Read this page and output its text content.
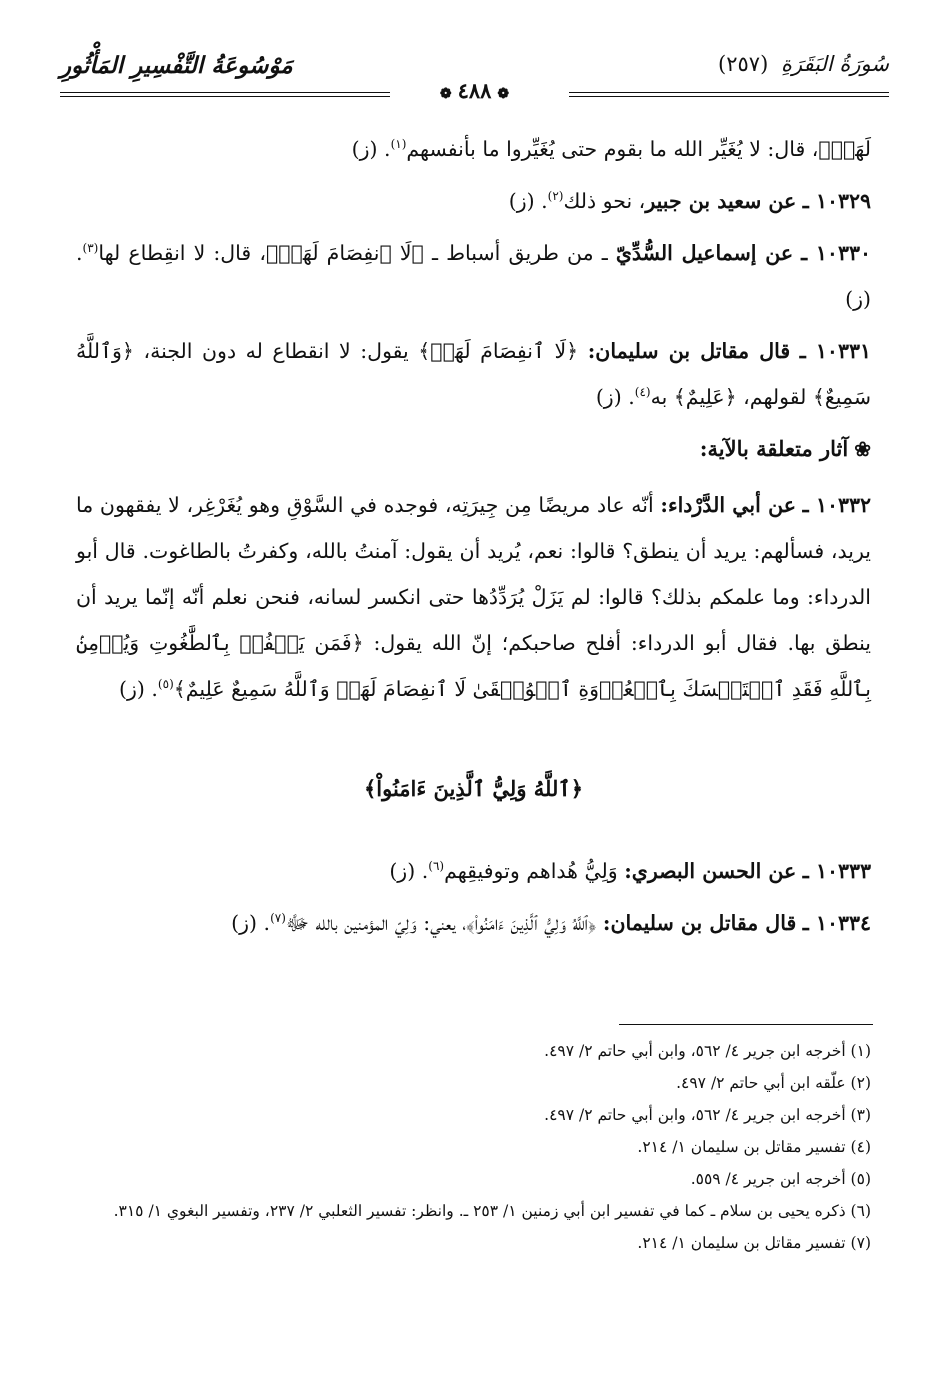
سُورَةُ البَقَرَةِ (٢٥٧)
مَوْسُوعَةُ التَّفْسِيرِ المَأْثُورِ
❁٤٨٨❁

لَهَاۗ﴾، قال: لا يُغَيِّر الله ما بقوم حتى يُغَيِّروا ما بأنفسهم$^{(١)}$. (ز)

١٠٣٢٩ ـ عن سعيد بن جبير، نحو ذلك$^{(٢)}$. (ز)

١٠٣٣٠ ـ عن إسماعيل السُّدِّيّ ـ من طريق أسباط ـ ﴿لَا ٱنفِصَامَ لَهَاۗ﴾، قال: لا انقِطاع لها$^{(٣)}$. (ز)

١٠٣٣١ ـ قال مقاتل بن سليمان: ﴿لَا ٱنفِصَامَ لَهَاۗ﴾ يقول: لا انقطاع له دون الجنة، ﴿وَٱللَّهُ سَمِيعٌ﴾ لقولهم، ﴿عَلِيمٌ﴾ به$^{(٤)}$. (ز)

❀آثار متعلقة بالآية:

١٠٣٣٢ ـ عن أبي الدَّرْداء: أنّه عاد مريضًا مِن جِيرَتِه، فوجده في السَّوْقِ وهو يُغَرْغِر، لا يفقهون ما يريد، فسألهم: يريد أن ينطق؟ قالوا: نعم، يُريد أن يقول: آمنتُ بالله، وكفرتُ بالطاغوت. قال أبو الدرداء: وما علمكم بذلك؟ قالوا: لم يَزَلْ يُرَدِّدُها حتى انكسر لسانه، فنحن نعلم أنّه إنّما يريد أن ينطق بها. فقال أبو الدرداء: أفلح صاحبكم؛ إنّ الله يقول: ﴿فَمَن يَكۡفُرۡ بِٱلطَّٰغُوتِ وَيُؤۡمِنۢ بِٱللَّهِ فَقَدِ ٱسۡتَمۡسَكَ بِٱلۡعُرۡوَةِ ٱلۡوُثۡقَىٰ لَا ٱنفِصَامَ لَهَاۗ وَٱللَّهُ سَمِيعٌ عَلِيمٌ﴾$^{(٥)}$. (ز)

﴿ٱللَّهُ وَلِيُّ ٱلَّذِينَ ءَامَنُواْ﴾

١٠٣٣٣ ـ عن الحسن البصري: وَلِيُّ هُداهم وتوفيقِهم$^{(٦)}$. (ز)

١٠٣٣٤ ـ قال مقاتل بن سليمان: ﴿ٱللَّهُ وَلِيُّ ٱلَّذِينَ ءَامَنُواْ﴾، يعني: وَلِيّ المؤمنين بالله ﷻ$^{(٧)}$. (ز)

(١) أخرجه ابن جرير ٤/ ٥٦٢، وابن أبي حاتم ٢/ ٤٩٧.

(٢) علّقه ابن أبي حاتم ٢/ ٤٩٧.

(٣) أخرجه ابن جرير ٤/ ٥٦٢، وابن أبي حاتم ٢/ ٤٩٧.

(٤) تفسير مقاتل بن سليمان ١/ ٢١٤.

(٥) أخرجه ابن جرير ٤/ ٥٥٩.

(٦) ذكره يحيى بن سلام ـ كما في تفسير ابن أبي زمنين ١/ ٢٥٣ ـ. وانظر: تفسير الثعلبي ٢/ ٢٣٧، وتفسير البغوي ١/ ٣١٥.

(٧) تفسير مقاتل بن سليمان ١/ ٢١٤.
